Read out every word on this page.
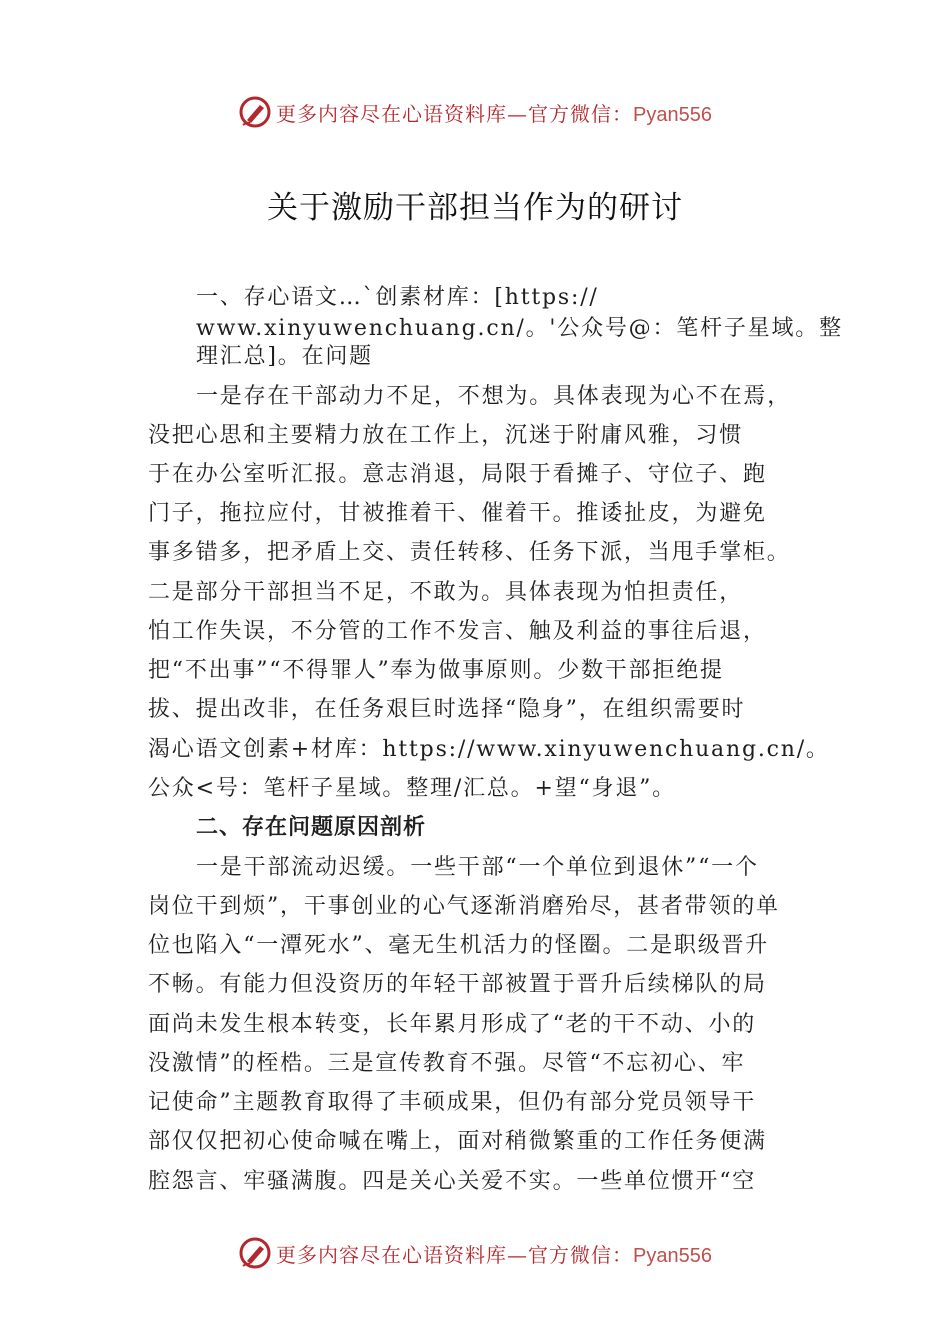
更多内容尽在心语资料库—官方微信：Pyan556
关于激励干部担当作为的研讨
一、存心语文…`创素材库：[https://
www.xinyuwenchuang.cn/。'公众号@：笔杆子星域。整
理汇总]。在问题
一是存在干部动力不足，不想为。具体表现为心不在焉，
没把心思和主要精力放在工作上，沉迷于附庸风雅，习惯
于在办公室听汇报。意志消退，局限于看摊子、守位子、跑
门子，拖拉应付，甘被推着干、催着干。推诿扯皮，为避免
事多错多，把矛盾上交、责任转移、任务下派，当甩手掌柜。
二是部分干部担当不足，不敢为。具体表现为怕担责任，
怕工作失误，不分管的工作不发言、触及利益的事往后退，
把“不出事”“不得罪人”奉为做事原则。少数干部拒绝提
拔、提出改非，在任务艰巨时选择“隐身”，在组织需要时
渴心语文创素+材库：https://www.xinyuwenchuang.cn/。
公众<号：笔杆子星域。整理/汇总。+望“身退”。
二、存在问题原因剖析
一是干部流动迟缓。一些干部“一个单位到退休”“一个
岗位干到烦”，干事创业的心气逐渐消磨殆尽，甚者带领的单
位也陷入“一潭死水”、毫无生机活力的怪圈。二是职级晋升
不畅。有能力但没资历的年轻干部被置于晋升后续梯队的局
面尚未发生根本转变，长年累月形成了“老的干不动、小的
没激情”的桎梏。三是宣传教育不强。尽管“不忘初心、牢
记使命”主题教育取得了丰硕成果，但仍有部分党员领导干
部仅仅把初心使命喊在嘴上，面对稍微繁重的工作任务便满
腔怨言、牢骚满腹。四是关心关爱不实。一些单位惯开“空
更多内容尽在心语资料库—官方微信：Pyan556
